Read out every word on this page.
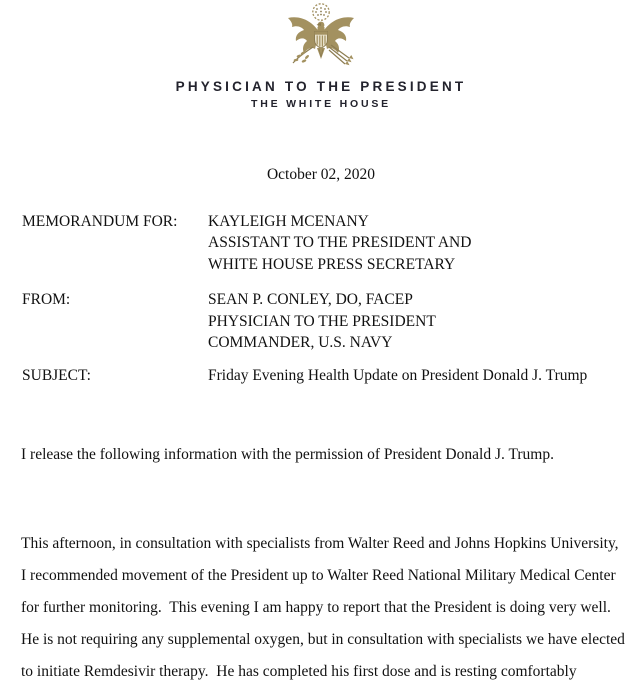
PHYSICIAN TO THE PRESIDENT
THE WHITE HOUSE
October 02, 2020
MEMORANDUM FOR: KAYLEIGH MCENANY
ASSISTANT TO THE PRESIDENT AND
WHITE HOUSE PRESS SECRETARY
FROM:	SEAN P. CONLEY, DO, FACEP
PHYSICIAN TO THE PRESIDENT
COMMANDER, U.S. NAVY
SUBJECT:	Friday Evening Health Update on President Donald J. Trump
I release the following information with the permission of President Donald J. Trump.
This afternoon, in consultation with specialists from Walter Reed and Johns Hopkins University,
I recommended movement of the President up to Walter Reed National Military Medical Center
for further monitoring.  This evening I am happy to report that the President is doing very well.
He is not requiring any supplemental oxygen, but in consultation with specialists we have elected
to initiate Remdesivir therapy.  He has completed his first dose and is resting comfortably
